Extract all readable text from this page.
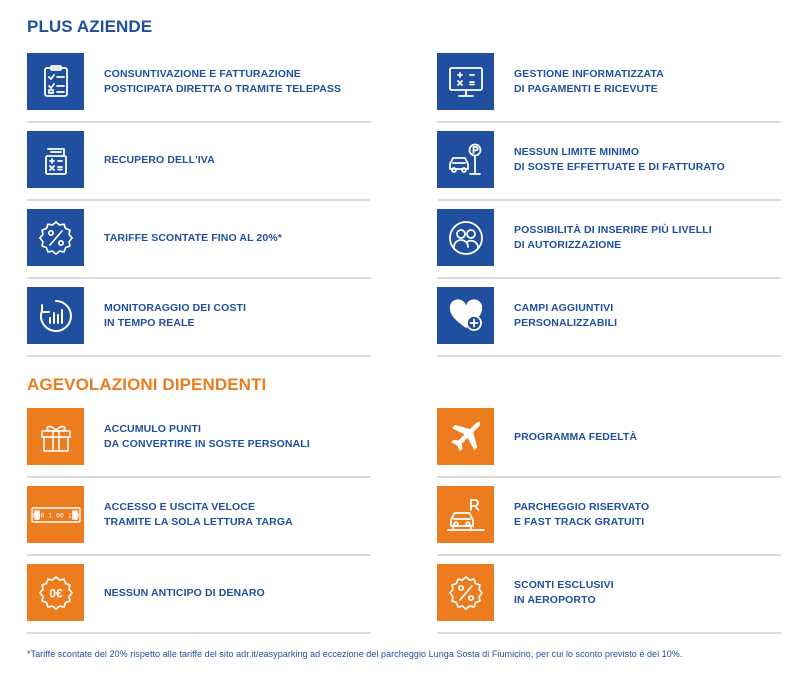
PLUS AZIENDE
CONSUNTIVAZIONE E FATTURAZIONE
POSTICIPATA DIRETTA O TRAMITE TELEPASS
GESTIONE INFORMATIZZATA
DI PAGAMENTI E RICEVUTE
RECUPERO DELL'IVA
NESSUN LIMITE MINIMO
DI SOSTE EFFETTUATE E DI FATTURATO
TARIFFE SCONTATE FINO AL 20%*
POSSIBILITÀ DI INSERIRE PIÙ LIVELLI
DI AUTORIZZAZIONE
MONITORAGGIO DEI COSTI
IN TEMPO REALE
CAMPI AGGIUNTIVI
PERSONALIZZABILI
AGEVOLAZIONI DIPENDENTI
ACCUMULO PUNTI
DA CONVERTIRE IN SOSTE PERSONALI
PROGRAMMA FEDELTÀ
000 1 00 1 0
ACCESSO E USCITA VELOCE
TRAMITE LA SOLA LETTURA TARGA
PARCHEGGIO RISERVATO
E FAST TRACK GRATUITI
0€	NESSUN ANTICIPO DI DENARO
SCONTI ESCLUSIVI
IN AEROPORTO

*Tariffe scontate del 20% rispetto alle tariffe del sito adr.it/easyparking ad eccezione del parcheggio Lunga Sosta di Fiumicino, per cui lo sconto previsto è del 10%.
